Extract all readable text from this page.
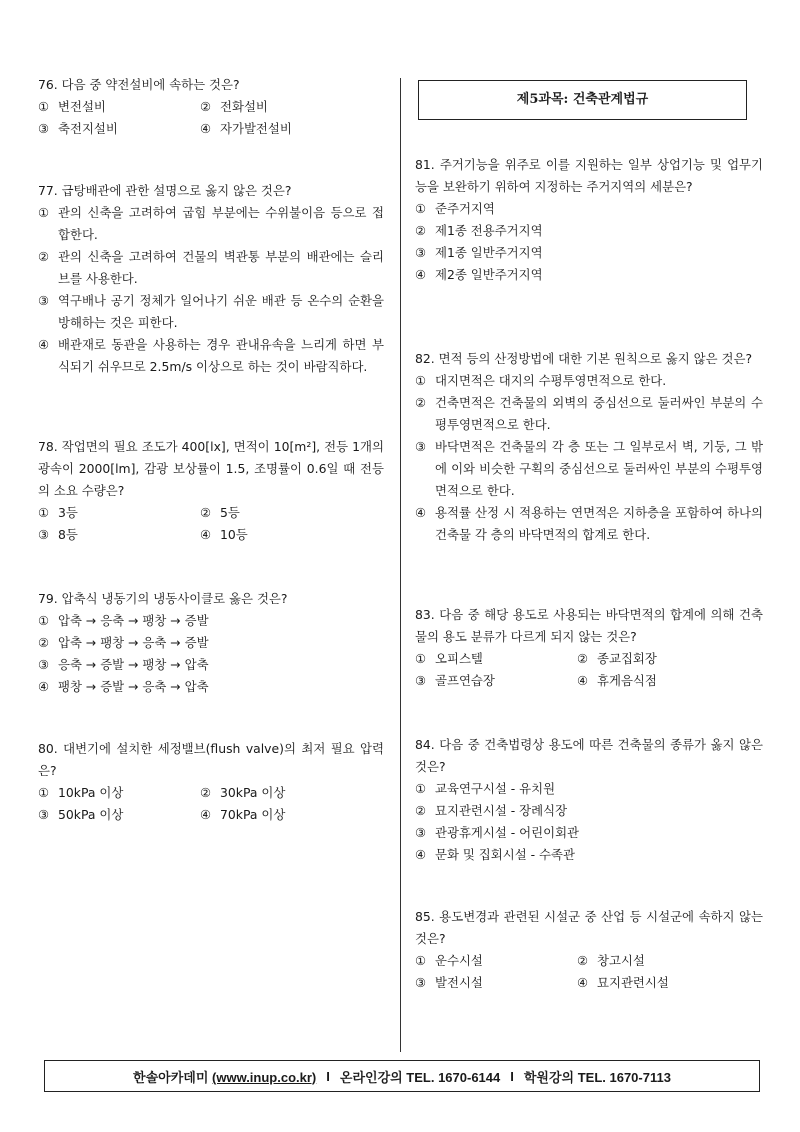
76. 다음 중 약전설비에 속하는 것은?
① 변전설비	② 전화설비
③ 축전지설비	④ 자가발전설비
77. 급탕배관에 관한 설명으로 옳지 않은 것은?
① 관의 신축을 고려하여 굽힘 부분에는 수위불이음 등으로 접합한다.
② 관의 신축을 고려하여 건물의 벽관통 부분의 배관에는 슬리브를 사용한다.
③ 역구배나 공기 정체가 일어나기 쉬운 배관 등 온수의 순환을 방해하는 것은 피한다.
④ 배관재로 동관을 사용하는 경우 관내유속을 느리게 하면 부식되기 쉬우므로 2.5m/s 이상으로 하는 것이 바람직하다.
78. 작업면의 필요 조도가 400[lx], 면적이 10[m²], 전등 1개의 광속이 2000[lm], 감광 보상률이 1.5, 조명률이 0.6일 때 전등의 소요 수량은?
① 3등	② 5등
③ 8등	④ 10등
79. 압축식 냉동기의 냉동사이클로 옳은 것은?
① 압축 → 응축 → 팽창 → 증발
② 압축 → 팽창 → 응축 → 증발
③ 응축 → 증발 → 팽창 → 압축
④ 팽창 → 증발 → 응축 → 압축
80. 대변기에 설치한 세정밸브(flush valve)의 최저 필요 압력은?
① 10kPa 이상	② 30kPa 이상
③ 50kPa 이상	④ 70kPa 이상
제5과목: 건축관계법규
81. 주거기능을 위주로 이를 지원하는 일부 상업기능 및 업무기능을 보완하기 위하여 지정하는 주거지역의 세분은?
① 준주거지역
② 제1종 전용주거지역
③ 제1종 일반주거지역
④ 제2종 일반주거지역
82. 면적 등의 산정방법에 대한 기본 원칙으로 옳지 않은 것은?
① 대지면적은 대지의 수평투영면적으로 한다.
② 건축면적은 건축물의 외벽의 중심선으로 둘러싸인 부분의 수평투영면적으로 한다.
③ 바닥면적은 건축물의 각 층 또는 그 일부로서 벽, 기둥, 그 밖에 이와 비슷한 구획의 중심선으로 둘러싸인 부분의 수평투영면적으로 한다.
④ 용적률 산정 시 적용하는 연면적은 지하층을 포함하여 하나의 건축물 각 층의 바닥면적의 합계로 한다.
83. 다음 중 해당 용도로 사용되는 바닥면적의 합계에 의해 건축물의 용도 분류가 다르게 되지 않는 것은?
① 오피스텔	② 종교집회장
③ 골프연습장	④ 휴게음식점
84. 다음 중 건축법령상 용도에 따른 건축물의 종류가 옳지 않은 것은?
① 교육연구시설 - 유치원
② 묘지관련시설 - 장례식장
③ 관광휴게시설 - 어린이회관
④ 문화 및 집회시설 - 수족관
85. 용도변경과 관련된 시설군 중 산업 등 시설군에 속하지 않는 것은?
① 운수시설	② 창고시설
③ 발전시설	④ 묘지관련시설
한솔아카데미 (www.inup.co.kr) I 온라인강의 TEL. 1670-6144 I 학원강의 TEL. 1670-7113
